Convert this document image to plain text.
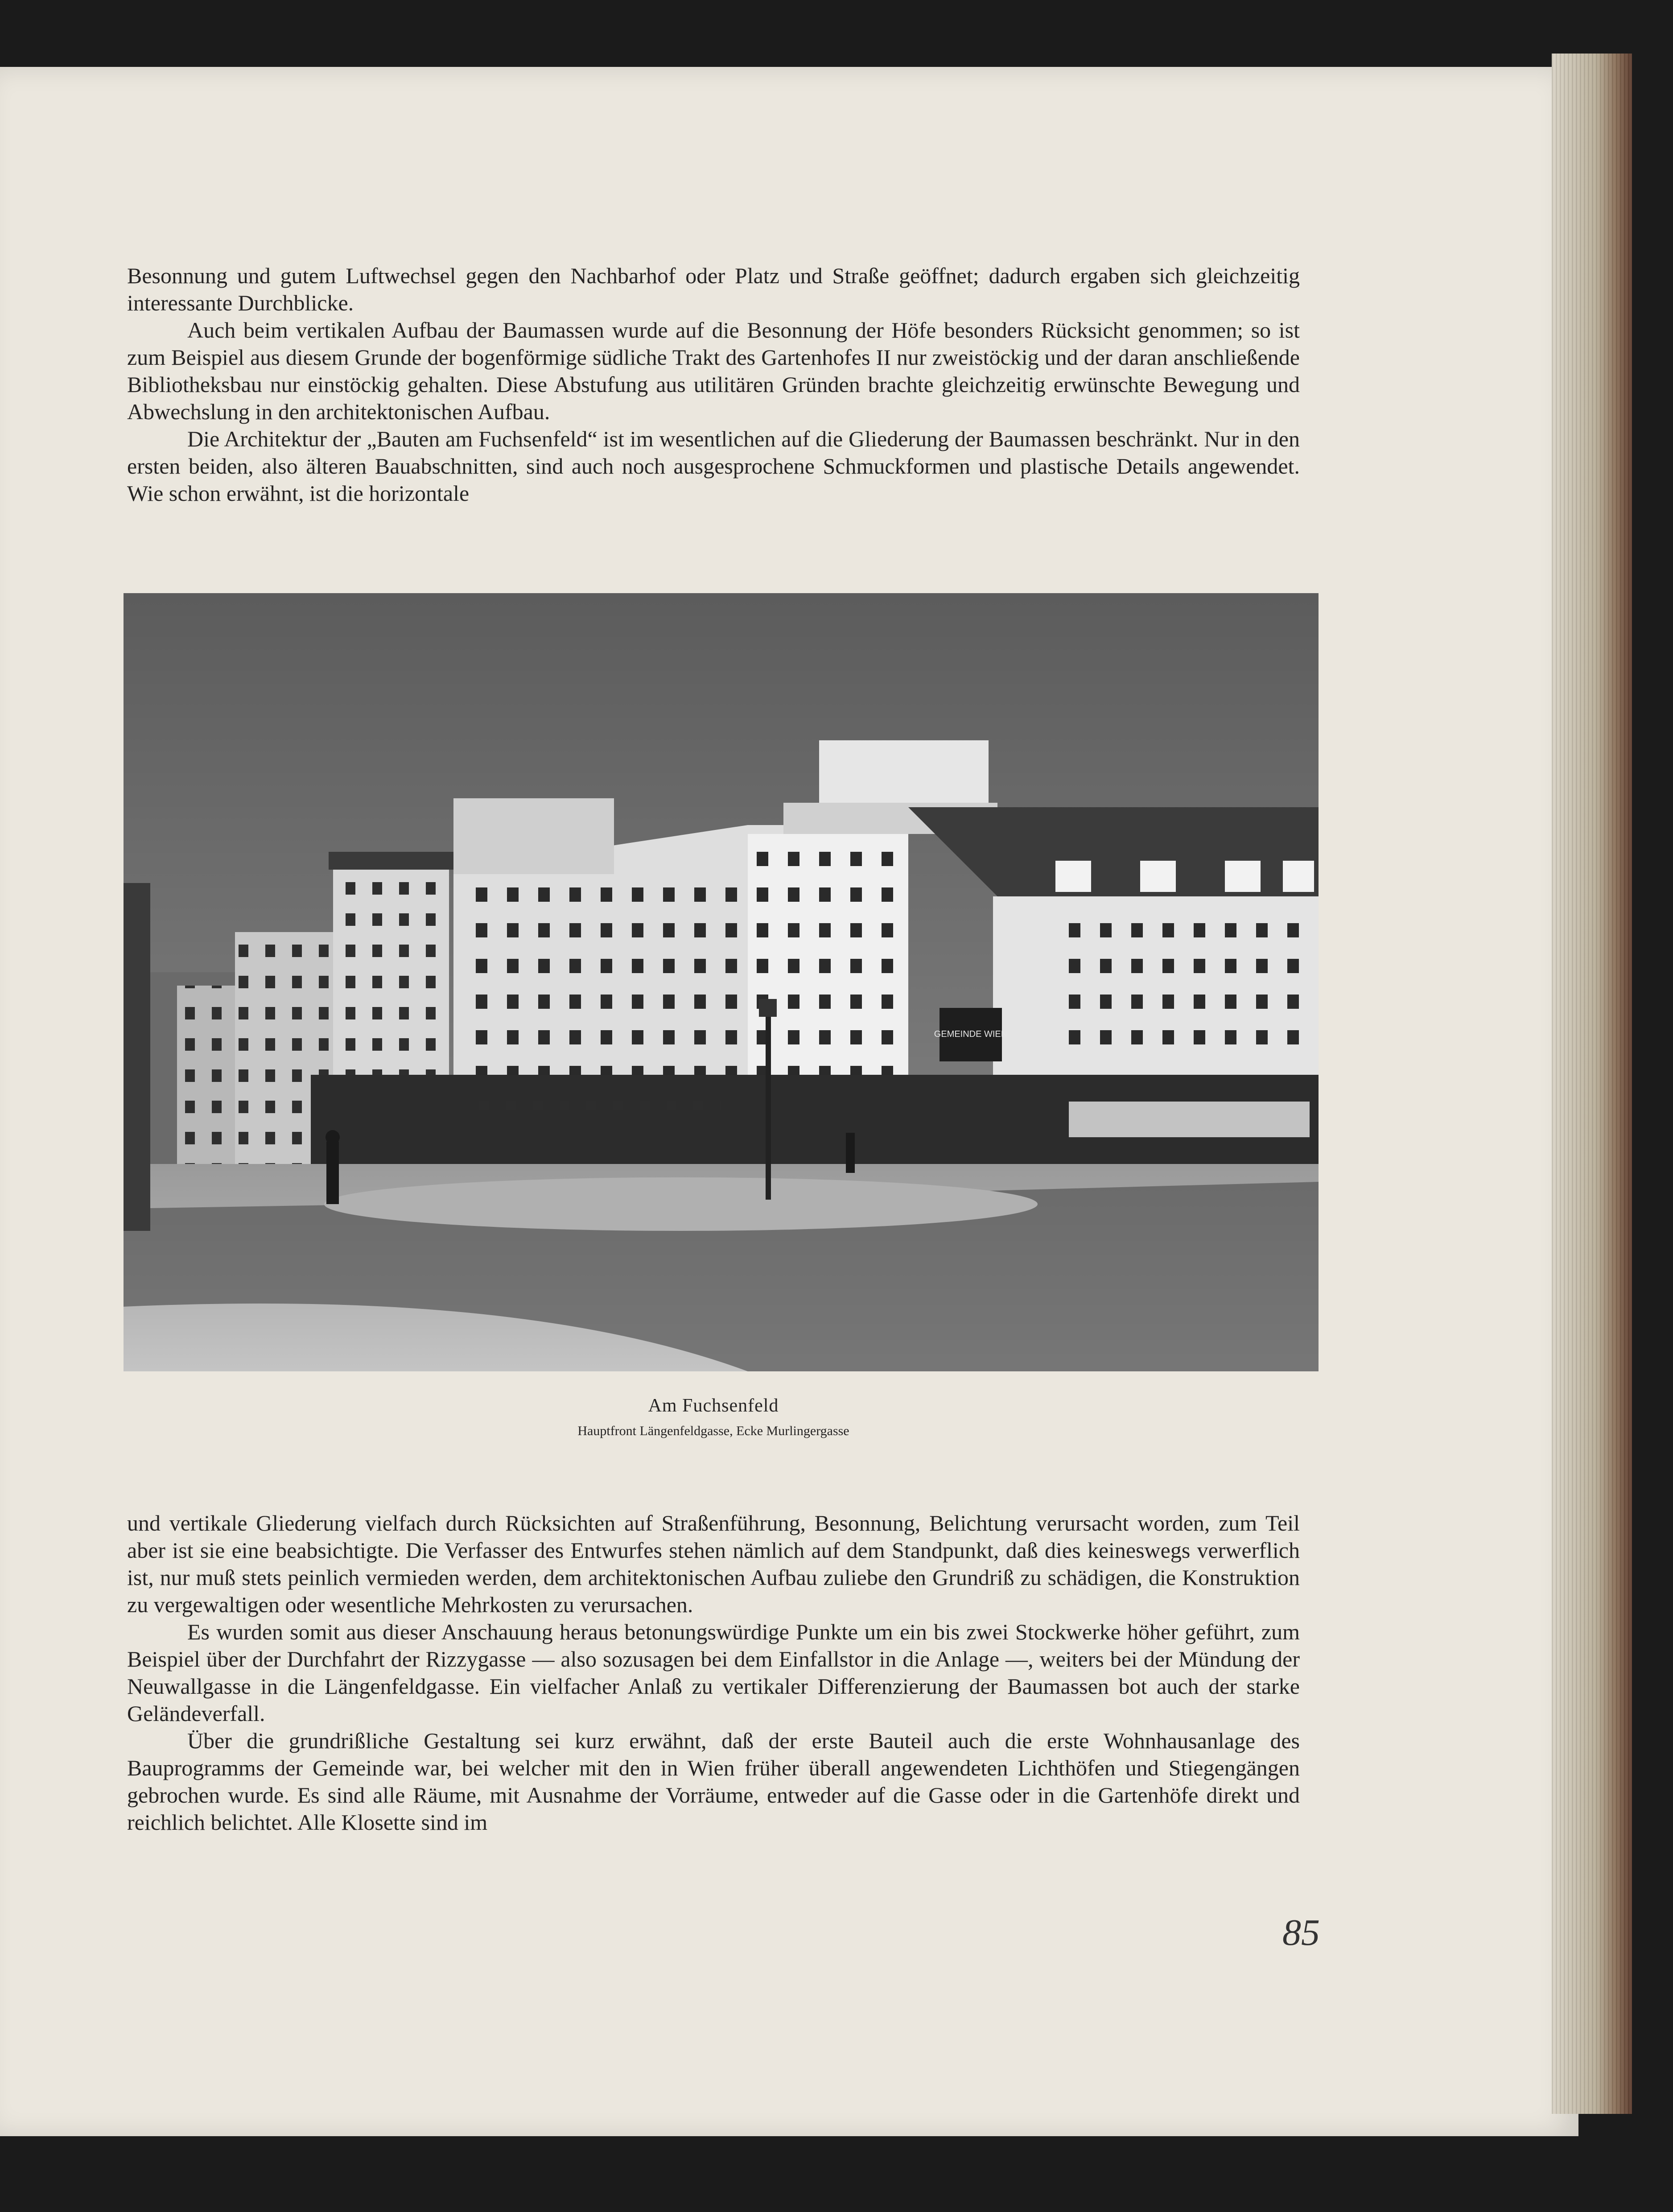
Besonnung und gutem Luftwechsel gegen den Nachbarhof oder Platz und Straße geöffnet; dadurch ergaben sich gleichzeitig interessante Durchblicke.

Auch beim vertikalen Aufbau der Baumassen wurde auf die Besonnung der Höfe besonders Rücksicht genommen; so ist zum Beispiel aus diesem Grunde der bogenförmige südliche Trakt des Gartenhofes II nur zweistöckig und der daran anschließende Bibliotheksbau nur einstöckig gehalten. Diese Abstufung aus utilitären Gründen brachte gleichzeitig erwünschte Bewegung und Abwechslung in den architektonischen Aufbau.

Die Architektur der „Bauten am Fuchsenfeld“ ist im wesentlichen auf die Gliederung der Baumassen beschränkt. Nur in den ersten beiden, also älteren Bauabschnitten, sind auch noch ausgesprochene Schmuckformen und plastische Details angewendet. Wie schon erwähnt, ist die horizontale

GEMEINDE WIEN
Am Fuchsenfeld
Hauptfront Längenfeldgasse, Ecke Murlingergasse

und vertikale Gliederung vielfach durch Rücksichten auf Straßenführung, Besonnung, Belichtung verursacht worden, zum Teil aber ist sie eine beabsichtigte. Die Verfasser des Entwurfes stehen nämlich auf dem Standpunkt, daß dies keineswegs verwerflich ist, nur muß stets peinlich vermieden werden, dem architektonischen Aufbau zuliebe den Grundriß zu schädigen, die Konstruktion zu vergewaltigen oder wesentliche Mehrkosten zu verursachen.

Es wurden somit aus dieser Anschauung heraus betonungswürdige Punkte um ein bis zwei Stockwerke höher geführt, zum Beispiel über der Durchfahrt der Rizzygasse — also sozusagen bei dem Einfallstor in die Anlage —, weiters bei der Mündung der Neuwallgasse in die Längenfeldgasse. Ein vielfacher Anlaß zu vertikaler Differenzierung der Baumassen bot auch der starke Geländeverfall.

Über die grundrißliche Gestaltung sei kurz erwähnt, daß der erste Bauteil auch die erste Wohnhausanlage des Bauprogramms der Gemeinde war, bei welcher mit den in Wien früher überall angewendeten Lichthöfen und Stiegengängen gebrochen wurde. Es sind alle Räume, mit Ausnahme der Vorräume, entweder auf die Gasse oder in die Gartenhöfe direkt und reichlich belichtet. Alle Klosette sind im

85
